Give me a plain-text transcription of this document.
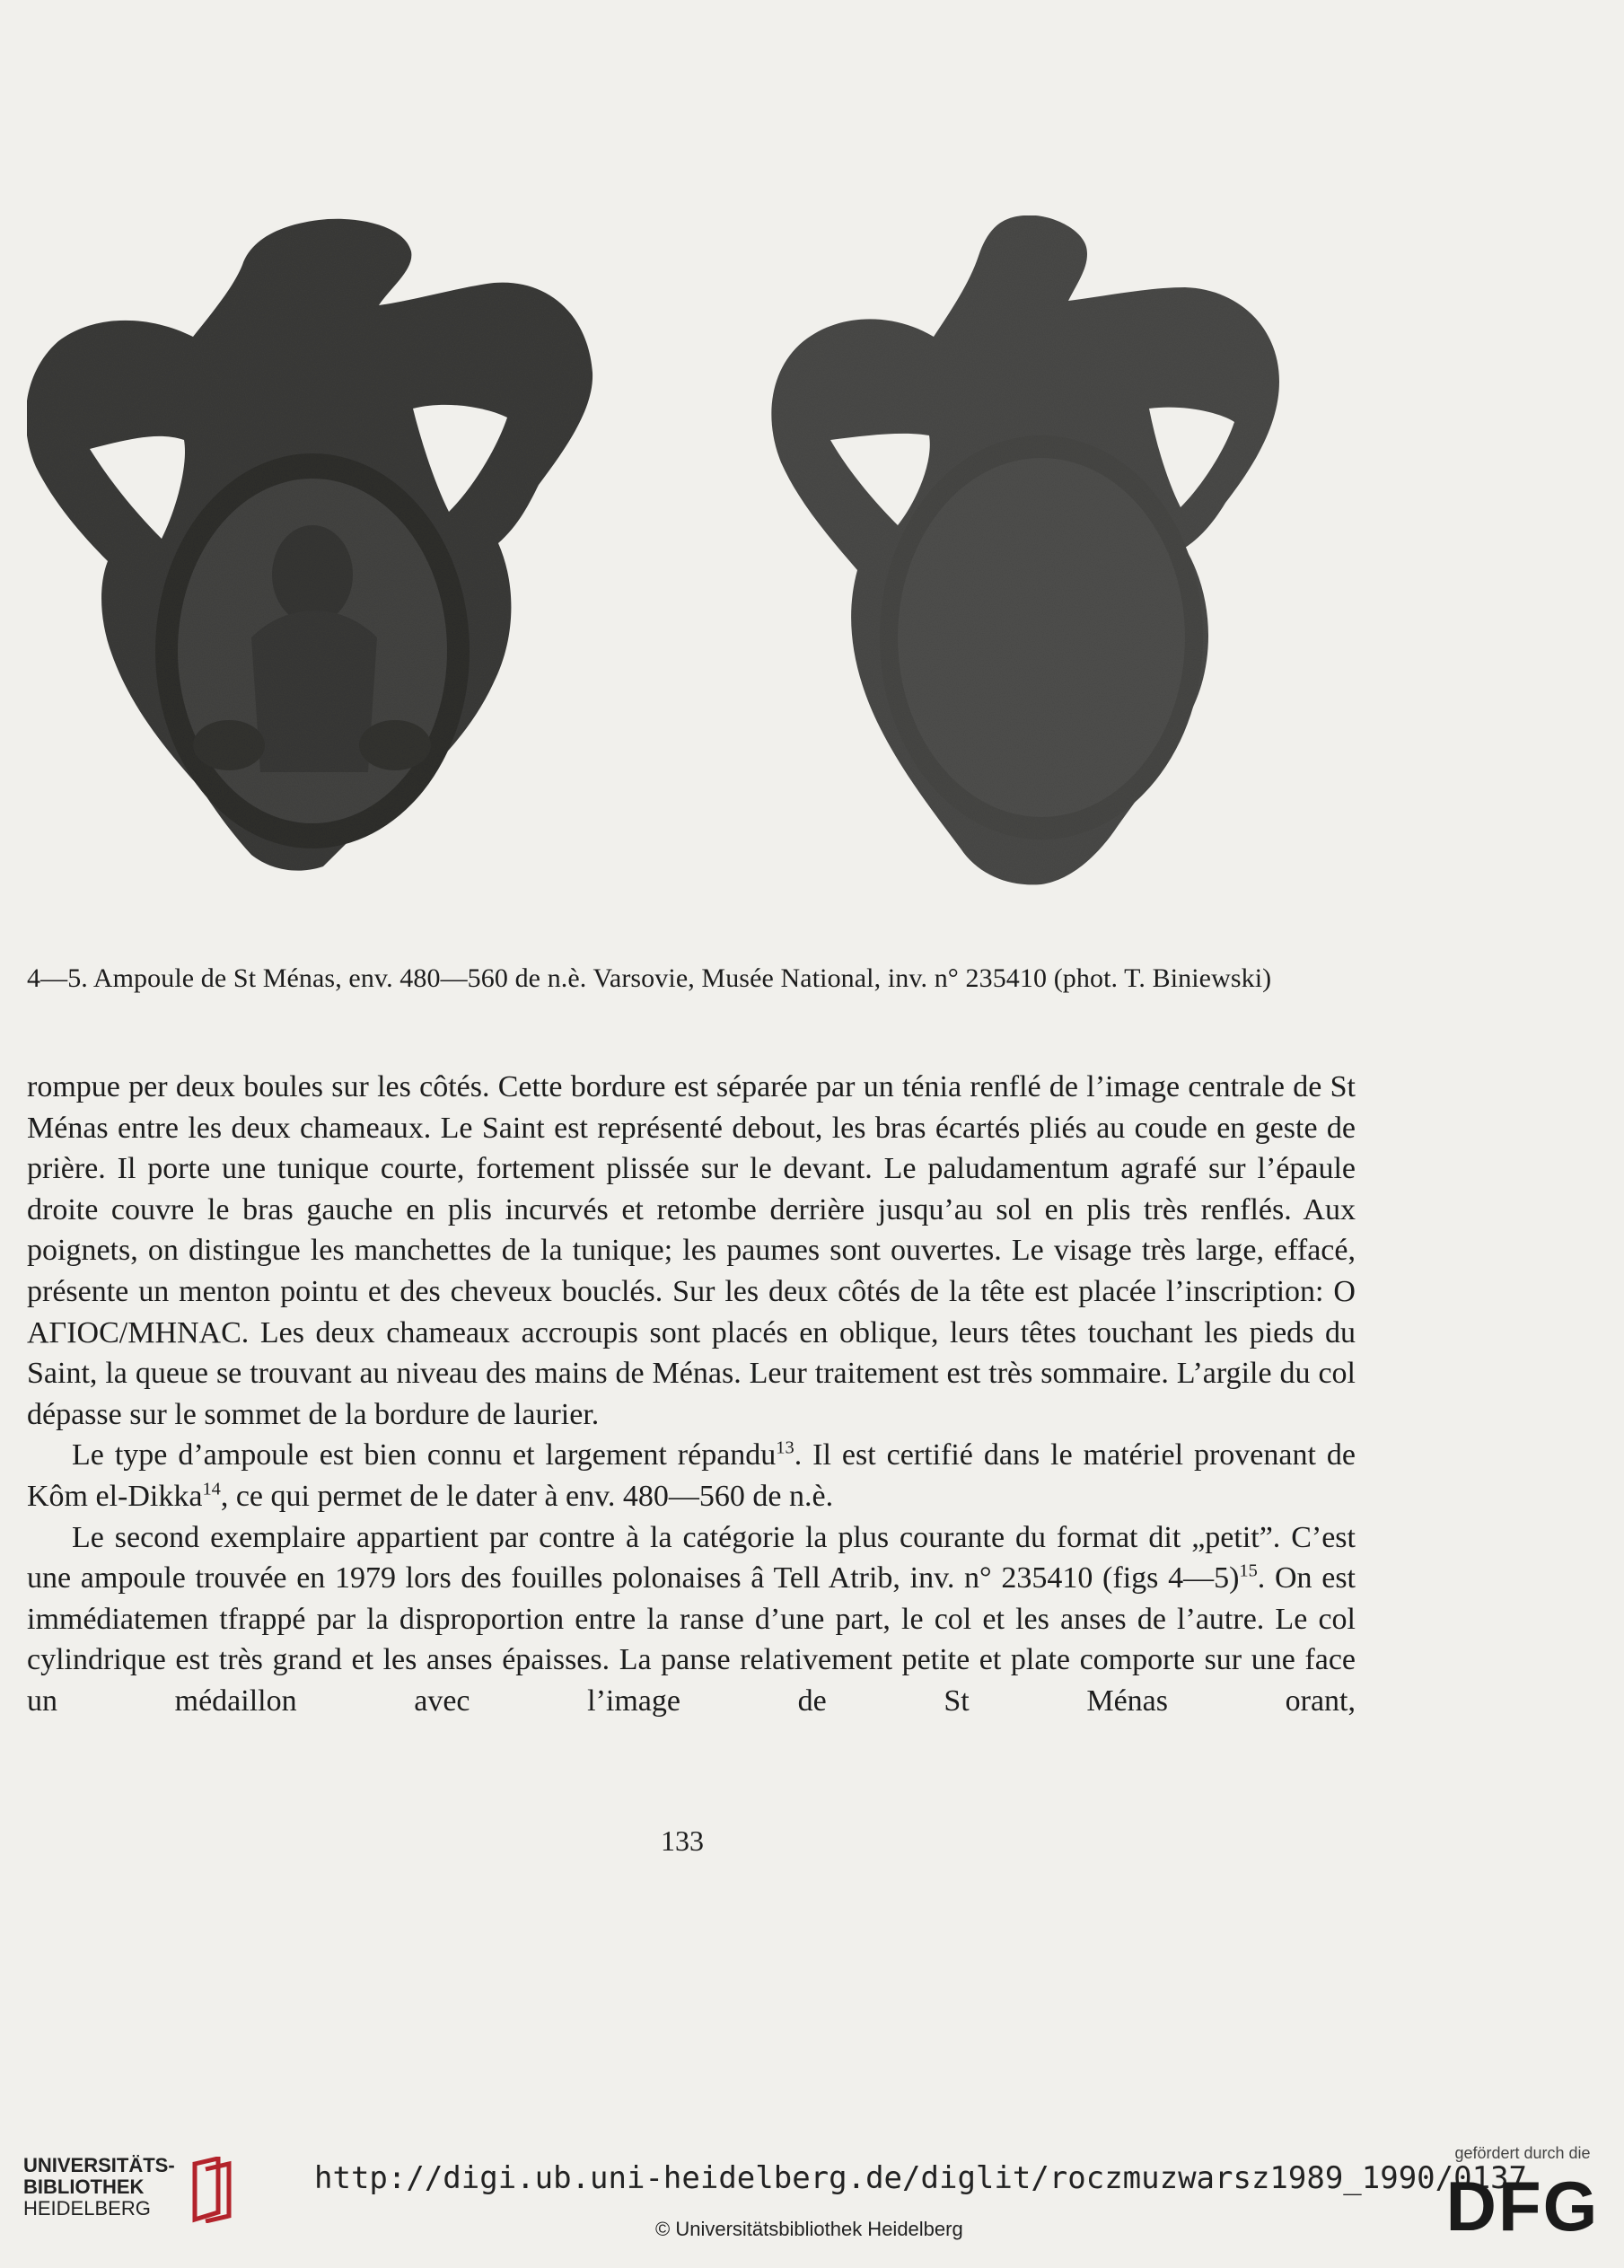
4—5. Ampoule de St Ménas, env. 480—560 de n.è. Varsovie, Musée National, inv. n° 235410 (phot. T. Biniewski)

rompue per deux boules sur les côtés. Cette bordure est séparée par un ténia renflé de l’image centrale de St Ménas entre les deux chameaux. Le Saint est représenté debout, les bras écartés pliés au coude en geste de prière. Il porte une tunique courte, fortement plissée sur le devant. Le paludamentum agrafé sur l’épaule droite couvre le bras gauche en plis incurvés et retombe derrière jusqu’au sol en plis très renflés. Aux poignets, on distingue les manchettes de la tunique; les paumes sont ouvertes. Le visage très large, effacé, présente un menton pointu et des cheveux bouclés. Sur les deux côtés de la tête est placée l’inscription: Ο ΑΓΙΟC/ΜΗΝΑC. Les deux chameaux accroupis sont placés en oblique, leurs têtes touchant les pieds du Saint, la queue se trouvant au niveau des mains de Ménas. Leur traitement est très sommaire. L’argile du col dépasse sur le sommet de la bordure de laurier.

Le type d’ampoule est bien connu et largement répandu$^{13}$. Il est certifié dans le matériel provenant de Kôm el-Dikka$^{14}$, ce qui permet de le dater à env. 480—560 de n.è.

Le second exemplaire appartient par contre à la catégorie la plus courante du format dit „petit”. C’est une ampoule trouvée en 1979 lors des fouilles polonaises â Tell Atrib, inv. n° 235410 (figs 4—5)$^{15}$. On est immédiatemen tfrappé par la disproportion entre la ranse d’une part, le col et les anses de l’autre. Le col cylindrique est très grand et les anses épaisses. La panse relativement petite et plate comporte sur une face un médaillon avec l’image de St Ménas orant,

133
UNIVERSITÄTS-
BIBLIOTHEK
HEIDELBERG
http://digi.ub.uni-heidelberg.de/diglit/roczmuzwarsz1989_1990/0137
© Universitätsbibliothek Heidelberg
gefördert durch die
DFG
